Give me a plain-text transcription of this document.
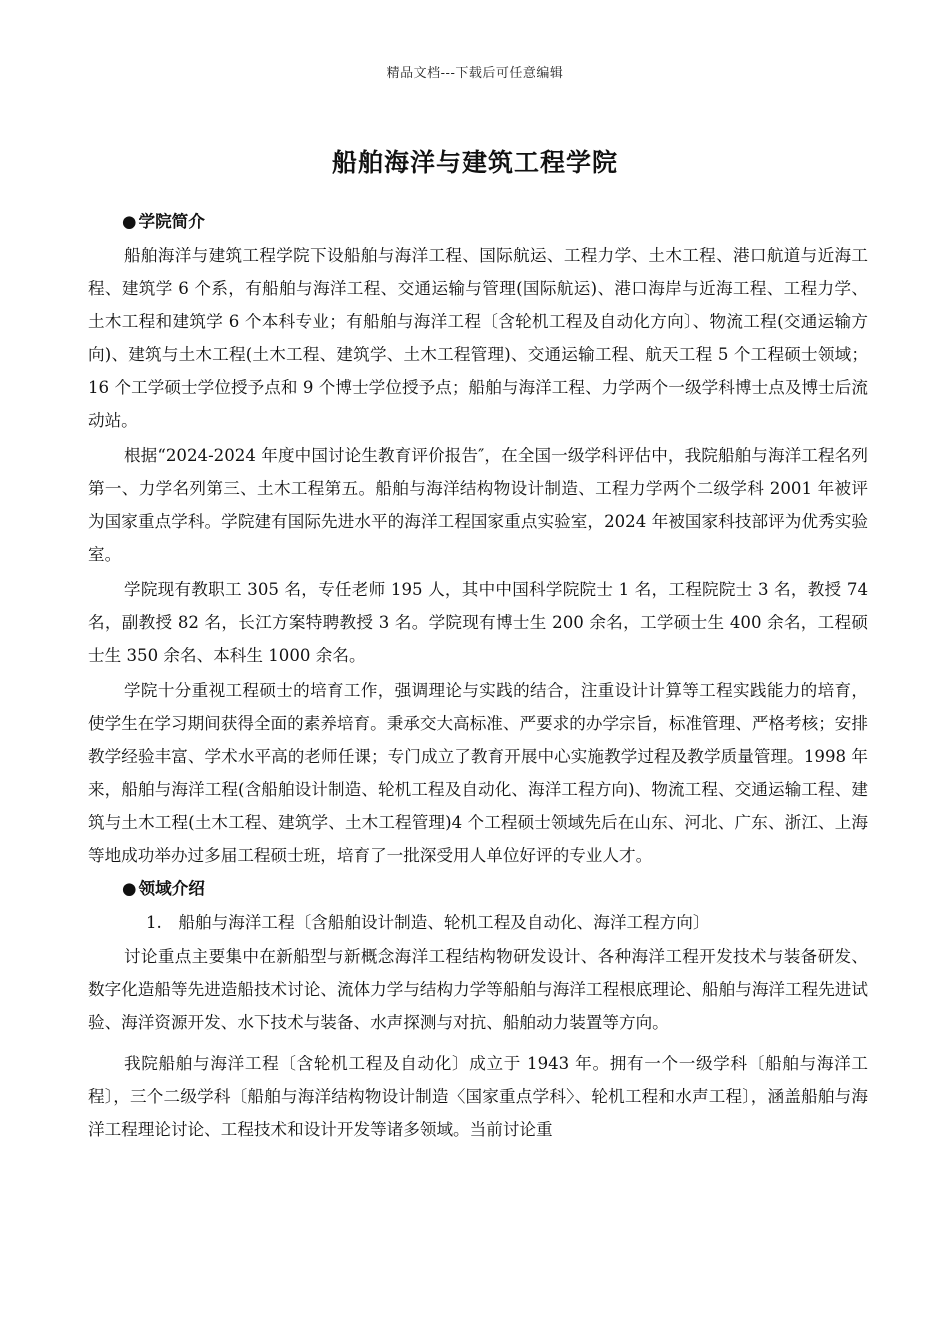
精品文档---下载后可任意编辑
船舶海洋与建筑工程学院
● 学院简介

船舶海洋与建筑工程学院下设船舶与海洋工程、国际航运、工程力学、土木工程、港口航道与近海工程、建筑学 6 个系，有船舶与海洋工程、交通运输与管理(国际航运)、港口海岸与近海工程、工程力学、土木工程和建筑学 6 个本科专业；有船舶与海洋工程〔含轮机工程及自动化方向〕、物流工程(交通运输方向)、建筑与土木工程(土木工程、建筑学、土木工程管理)、交通运输工程、航天工程 5 个工程硕士领域；16 个工学硕士学位授予点和 9 个博士学位授予点；船舶与海洋工程、力学两个一级学科博士点及博士后流动站。

根据“2024-2024 年度中国讨论生教育评价报告″，在全国一级学科评估中，我院船舶与海洋工程名列第一、力学名列第三、土木工程第五。船舶与海洋结构物设计制造、工程力学两个二级学科 2001 年被评为国家重点学科。学院建有国际先进水平的海洋工程国家重点实验室，2024 年被国家科技部评为优秀实验室。

学院现有教职工 305 名，专任老师 195 人，其中中国科学院院士 1 名，工程院院士 3 名，教授 74 名，副教授 82 名，长江方案特聘教授 3 名。学院现有博士生 200 余名，工学硕士生 400 余名，工程硕士生 350 余名、本科生 1000 余名。

学院十分重视工程硕士的培育工作，强调理论与实践的结合，注重设计计算等工程实践能力的培育，使学生在学习期间获得全面的素养培育。秉承交大高标准、严要求的办学宗旨，标准管理、严格考核；安排教学经验丰富、学术水平高的老师任课；专门成立了教育开展中心实施教学过程及教学质量管理。1998 年来，船舶与海洋工程(含船舶设计制造、轮机工程及自动化、海洋工程方向)、物流工程、交通运输工程、建筑与土木工程(土木工程、建筑学、土木工程管理)4 个工程硕士领域先后在山东、河北、广东、浙江、上海等地成功举办过多届工程硕士班，培育了一批深受用人单位好评的专业人才。

● 领域介绍

1.　船舶与海洋工程〔含船舶设计制造、轮机工程及自动化、海洋工程方向〕

讨论重点主要集中在新船型与新概念海洋工程结构物研发设计、各种海洋工程开发技术与装备研发、数字化造船等先进造船技术讨论、流体力学与结构力学等船舶与海洋工程根底理论、船舶与海洋工程先进试验、海洋资源开发、水下技术与装备、水声探测与对抗、船舶动力装置等方向。

我院船舶与海洋工程〔含轮机工程及自动化〕成立于 1943 年。拥有一个一级学科〔船舶与海洋工程〕，三个二级学科〔船舶与海洋结构物设计制造〈国家重点学科〉、轮机工程和水声工程〕，涵盖船舶与海洋工程理论讨论、工程技术和设计开发等诸多领域。当前讨论重
